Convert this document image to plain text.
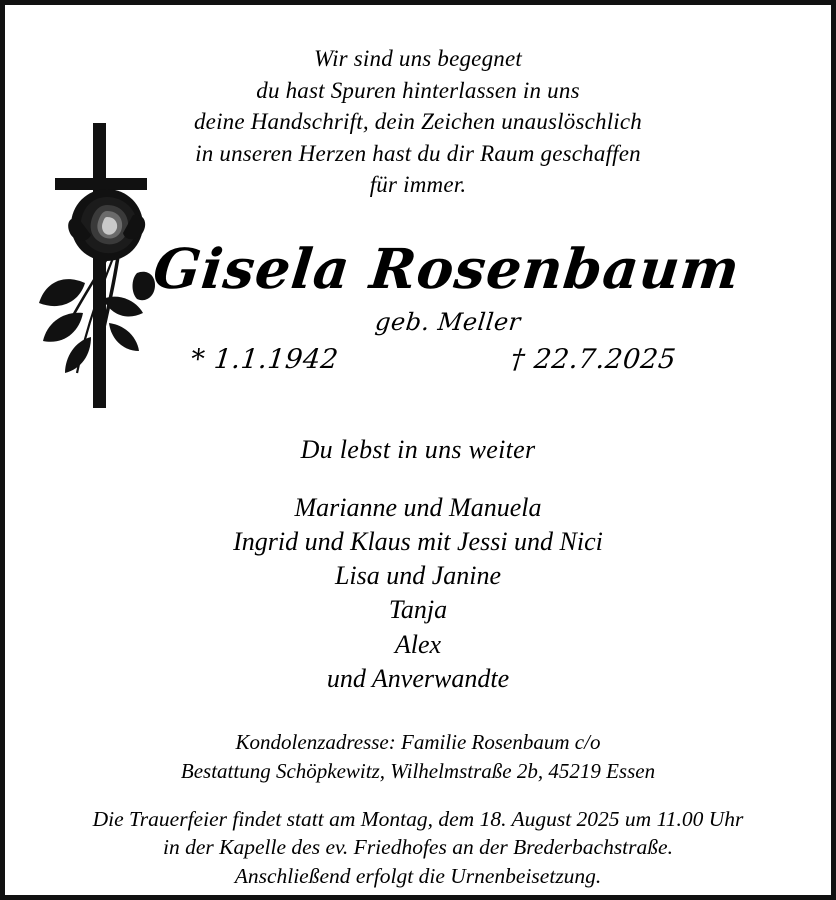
Wir sind uns begegnet
du hast Spuren hinterlassen in uns
deine Handschrift, dein Zeichen unauslöschlich
in unseren Herzen hast du dir Raum geschaffen
für immer.
Gisela Rosenbaum
geb. Meller
* 1.1.1942	† 22.7.2025
Du lebst in uns weiter
Marianne und Manuela
Ingrid und Klaus mit Jessi und Nici
Lisa und Janine
Tanja
Alex
und Anverwandte
Kondolenzadresse: Familie Rosenbaum c/o
Bestattung Schöpkewitz, Wilhelmstraße 2b, 45219 Essen
Die Trauerfeier findet statt am Montag, dem 18. August 2025 um 11.00 Uhr
in der Kapelle des ev. Friedhofes an der Brederbachstraße.
Anschließend erfolgt die Urnenbeisetzung.
